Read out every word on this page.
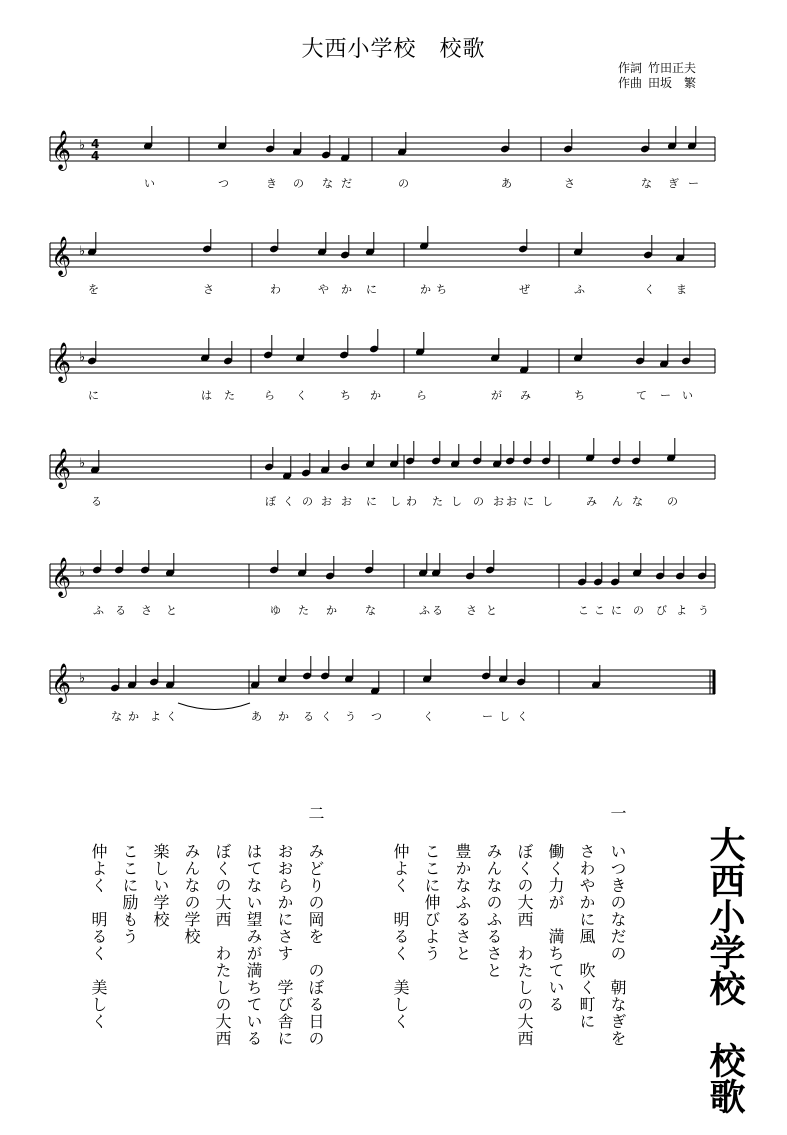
大西小学校　校歌
作詞 竹田正夫
作曲 田坂　繁
𝄞 ♭ 4
4
い	つ	き の な だ	の	あ	さ	な ぎ ー
𝄞 ♭
を	さ	わ	や か に	か	ぜ	ふ	く ま
ち
𝄞 ♭
に	は た	ら く	ち か	ら	が み	ち	て ー い
𝄞 ♭
る	ぼ く の お お に し わ た し の お お に し	み ん な の
𝄞 ♭
ふ る さ と	ゆ た か	な	ふ る さ と	こ こ に の び よ う
𝄞 ♭
な か よ く	あ か る く う つ	く	ー し く
大西小学校　校歌
一
いつきのなだの　朝なぎを
さわやかに風　吹く町に
働く力が　満ちている
ぼくの大西　わたしの大西
みんなのふるさと
豊かなふるさと
ここに伸びよう
仲よく　明るく　美しく
二
みどりの岡を　のぼる日の
おおらかにさす　学び舎に
はてない望みが満ちている
ぼくの大西　わたしの大西
みんなの学校
楽しい学校
ここに励もう
仲よく　明るく　美しく
